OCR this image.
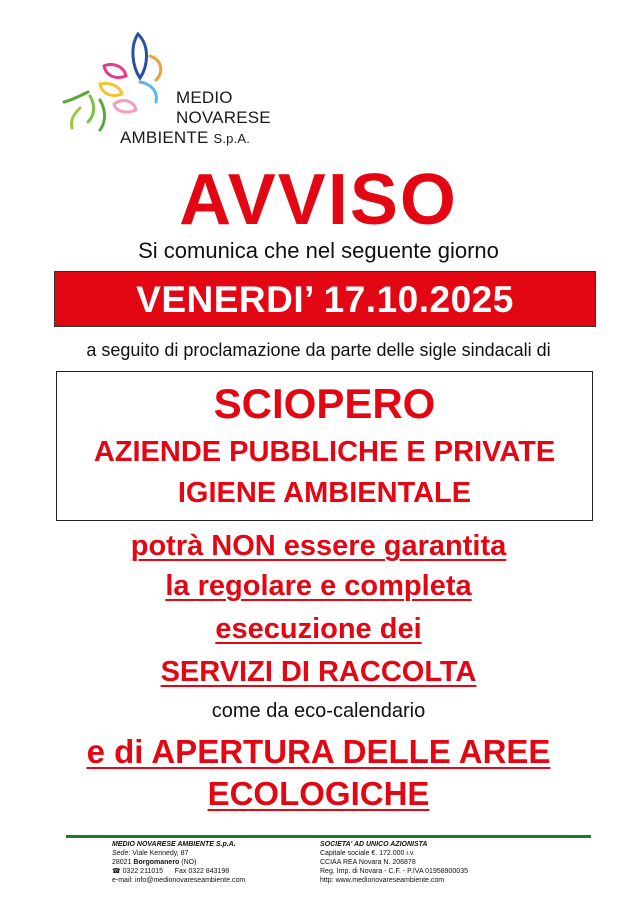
MEDIO
NOVARESE
AMBIENTE S.p.A.
AVVISO
Si comunica che nel seguente giorno
VENERDI’ 17.10.2025
a seguito di proclamazione da parte delle sigle sindacali di
SCIOPERO
AZIENDE PUBBLICHE E PRIVATE
IGIENE AMBIENTALE
potrà NON essere garantita
la regolare e completa
esecuzione dei
SERVIZI DI RACCOLTA
come da eco-calendario
e di APERTURA DELLE AREE
ECOLOGICHE
MEDIO NOVARESE AMBIENTE S.p.A.
Sede: Viale Kennedy, 87
28021 Borgomanero (NO)
☎ 0322 211015 Fax 0322 843198
e-mail: info@medionovareseambiente.com
SOCIETA' AD UNICO AZIONISTA
Capitale sociale €. 172.000 i.v.
CCIAA REA Novara N. 206878
Reg. Imp. di Novara - C.F. - P.IVA 01958900035
http: www.medionovareseambiente.com
